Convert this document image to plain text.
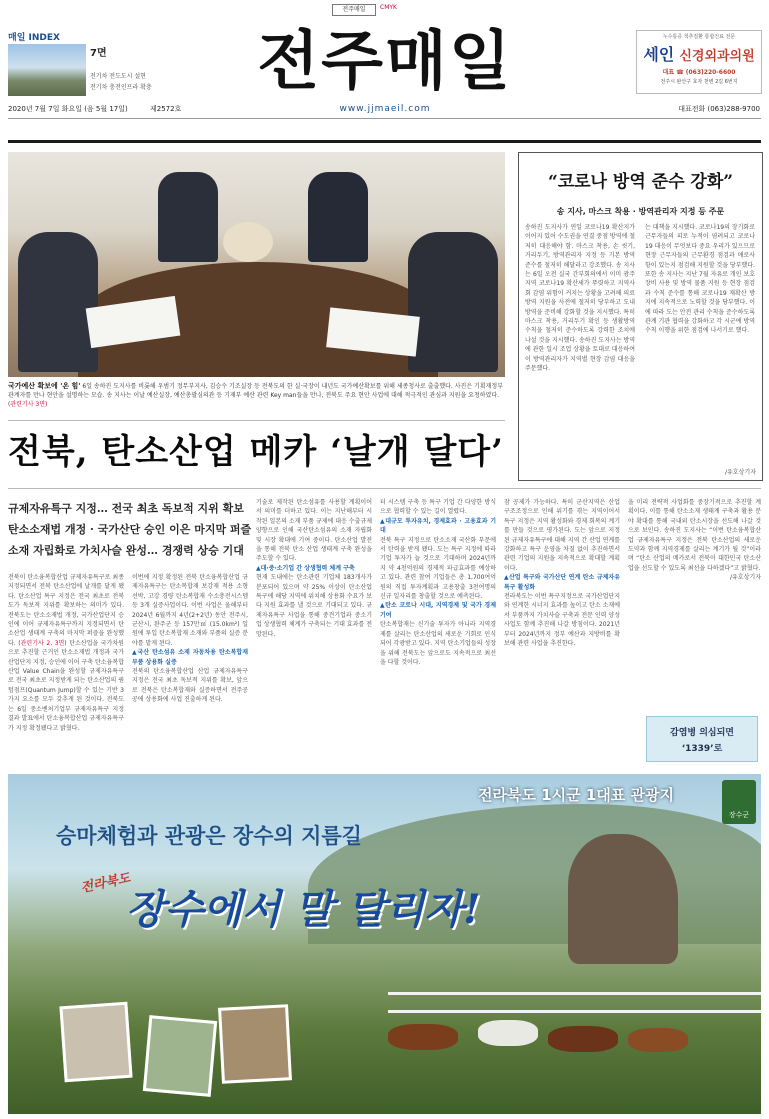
전주매일	CMYK
매일 INDEX
7면
전기차 전도도시 설현
전기차 충전인프라 확충 전주매일
www.jjmaeil.com
누수통증 척추질환 통합진료 전문
세인 신경외과의원
대표 ☎ (063)220-6600
전주시 완산구 효자 천변 2길 6번지
2020년 7월 7일 화요일 (음 5월 17일)	제2572호	대표전화 (063)288-9700
국가예산 확보에 '온 힘' 6일 송하진 도지사를 비롯해 우범기 정무부지사, 김승수 기조실장 등 전북도의 한 실·국장이 내년도 국가예산확보를 위해 세종청사로 출출했다. 사진은 기획재정부 관계자를 만나 현안을 설명하는 모습. 송 지사는 이날 예산실장, 예산총괄심의관 등 기재부 예산 관련 Key man들을 만나, 전북도 주요 현안 사업에 대해 적극적인 관심과 지원을 요청하였다. (관련기사 3면)
“코로나 방역 준수 강화”
송 지사, 마스크 착용 · 방역관리자 지정 등 주문
송하진 도지사가 연일 코로나19 확산지가 이어지 있어 수도권을 연결 중점 방역에 철저히 대응해야 함. 마스크 착용, 손 씻기, 거리두기, 방역관리자 지정 등 기본 방역 준수를 철저히 해달라고 강조했다. 송 지사는 6일 오전 실국 간부회의에서 이미 광주 지역 코로나19 확산세가 뚜렷하고 지역사회 감염 위험이 커지는 상황을 고려해 의료 방역 지원을 사전에 철저히 당부하고 도내 방역을 준비해 강화할 것을 지시했다. 특히 마스크 착용, 거리두기 확인 등 생활방역 수칙을 철저히 준수하도록 강력한 조치에 나설 것을 지시했다. 송하진 도지사는 방역에 관한 일시 조업 상황을 토대로 대응하여 이 방역관리자가 지역별 현장 감염 대응을 주문했다.
는 대책을 지시했다. 코로나19의 장기화로 근무자들의 피로 누적이 염려되고 코로나19 대응이 무엇보다 중요 우리가 있으므로 현장 근무자들의 근무환경 점검과 애로사항이 있는지 점검해 지원할 것을 당부했다. 또한 송 지사는 지난 7월 자유로 개인 보호 장비 사용 및 방역 물품 지원 등 현장 점검과 수칙 준수를 통해 코로나19 재확산 방지에 지속적으로 노력할 것을 당부했다. 이에 따라 도는 안전 관리 수칙을 준수하도록 관계 기관 협력을 강화하고 각 시군에 방역 수칙 이행을 위한 점검에 나서기로 했다.
/유호상기자
전북, 탄소산업 메카 ‘날개 달다’
규제자유특구 지정… 전국 최초 독보적 지위 확보
탄소소재법 개정 · 국가산단 승인 이은 마지막 퍼즐
소재 자립화로 가치사슬 완성… 경쟁력 상승 기대
전북이 탄소융복합산업 규제자유특구로 최종 지정되면서 전북 탄소산업에 날개를 달게 됐다. 탄소산업 특구 지정은 전국 최초로 전북도가 독보적 지위를 확보하는 의미가 있다. 전북도는 탄소소재법 개정, 국가산업단지 승인에 이어 규제자유특구까지 지정되면서 탄소산업 생태계 구축의 마지막 퍼즐을 완성했다. (관련기사 2, 3면) 탄소산업을 국가차원으로 추진할 근거인 탄소소재법 개정과 국가산업단지 지정, 승인에 이어 구축 탄소융복합산업 Value Chain을 완성할 규제자유특구로 전국 최초로 지정받게 되는 탄소산업의 퀀텀점프(Quantum Jump)할 수 있는 기반 3가지 요소를 모두 갖추게 된 것이다. 전북도는 6일 중소벤처기업부 규제자유특구 지정 결과 발표에서 탄소융복합산업 규제자유특구가 지정 확정됐다고 밝혔다.
이번에 지정 확정된 전북 탄소융복합산업 규제자유특구는 탄소복합재 보강재 적용 소형선박, 고강 경량 탄소복합재 수소충전시스템 등 3개 실증사업이다. 이번 사업은 올해부터 2024년 6월까지 4년(2+2년) 동안 전주시, 군산시, 완주군 등 157만㎡ (15.0km²) 일원에 투입 탄소복합재 소재와 부품의 실증 분야를 맡게 된다.
▲국산 탄소섬유 소재 자동차용 탄소복합재 부품 상용화 실증
전북의 탄소융복합산업 산업 규제자유특구 지정은 전국 최초 독보적 지위를 확보, 앞으로 전북은 탄소복합재와 실증하면서 전주공공에 상용화에 사업 진출하게 된다.
기술로 제작된 탄소섬유를 사용할 계획이어서 의미를 더하고 있다. 이는 지난해부터 시작된 일본의 소재 부품 규제에 대응 수출규제 양향으로 인해 국산탄소섬유의 소재 자립화 및 시장 확대에 기여 중이다. 탄소산업 발전을 통해 전북 탄소 산업 생태계 구축 완성을 주도할 수 있다.
▲대·중·소기업 간 상생협력 체계 구축
현재 도내에는 탄소관련 기업체 183개사가 분포되어 있으며 약 25% 이상이 탄소산업 특구에 해당 지역에 위치해 상용화 수요가 보다 지원 효과를 낼 것으로 기대되고 있다. 규제자유특구 사업을 통해 중견기업과 중소기업 상생협력 체계가 구축되는 기대 효과를 전망된다.
터 시스템 구축 등 특구 기업 간 다양한 방식으로 협력할 수 있는 길이 열렸다.
▲대규모 투자유치, 경제효과 · 고용효과 기대
전북 특구 지정으로 탄소소재 국산화 부문에서 탄력을 받게 됐다. 도는 특구 지정에 따라 기업 투자가 늘 것으로 기대하며 2024년까지 약 4천억원의 경제적 파급효과를 예상하고 있다. 관련 참여 기업들은 총 1,700여억원의 직접 투자계획과 고용창출 3천여명의 신규 일자리를 창출할 것으로 예측된다.
▲탄소 코로나 시대, 지역경제 및 국가 경제 기여
탄소복합재는 신기술 투자가 아니라 지역경제를 살리는 탄소산업의 새로운 기회로 인식되어 각광받고 있다. 지역 탄소기업들의 성장을 위해 전북도는 앞으로도 지속적으로 최선을 다할 것이다.
잠 공제가 가능하다. 특히 군산지역은 산업 구조조정으로 인해 위기를 겪는 지역이어서 특구 지정은 지역 활성화와 경제 회복의 계기를 만들 것으로 평가된다. 도는 앞으로 지정된 규제자유특구에 대해 지역 간 산업 연계를 강화하고 특구 운영을 차질 없이 추진하면서 관련 기업의 지원을 지속적으로 확대할 계획이다.
▲산업 특구와 국가산단 연계 탄소 규제자유특구 활성화
전라북도는 이번 특구지정으로 국가산업단지와 연계한 시너지 효과를 높이고 탄소 소재에서 부품까지 가치사슬 구축과 전문 인력 양성 사업도 함께 추진해 나갈 방침이다. 2021년부터 2024년까지 정부 예산과 지방비를 확보해 관련 사업을 추진한다.
을 미리 전략적 사업화를 중장기적으로 추진할 계획이다. 이를 통해 탄소소재 생태계 구축과 활용 분야 확대를 통해 국내외 탄소시장을 선도해 나갈 것으로 보인다. 송하진 도지사는 “이번 탄소융복합산업 규제자유특구 지정은 전북 탄소산업의 새로운 도약과 함께 지역경제를 살리는 계기가 될 것”이라며 “탄소 산업의 메카로서 전북이 대한민국 탄소산업을 선도할 수 있도록 최선을 다하겠다”고 밝혔다.
/유호상기자
감염병 의심되면
‘1339’로
전라북도 1시군 1대표 관광지
장수군
승마체험과 관광은 장수의 지름길
전라북도
장수에서 말 달리자!
